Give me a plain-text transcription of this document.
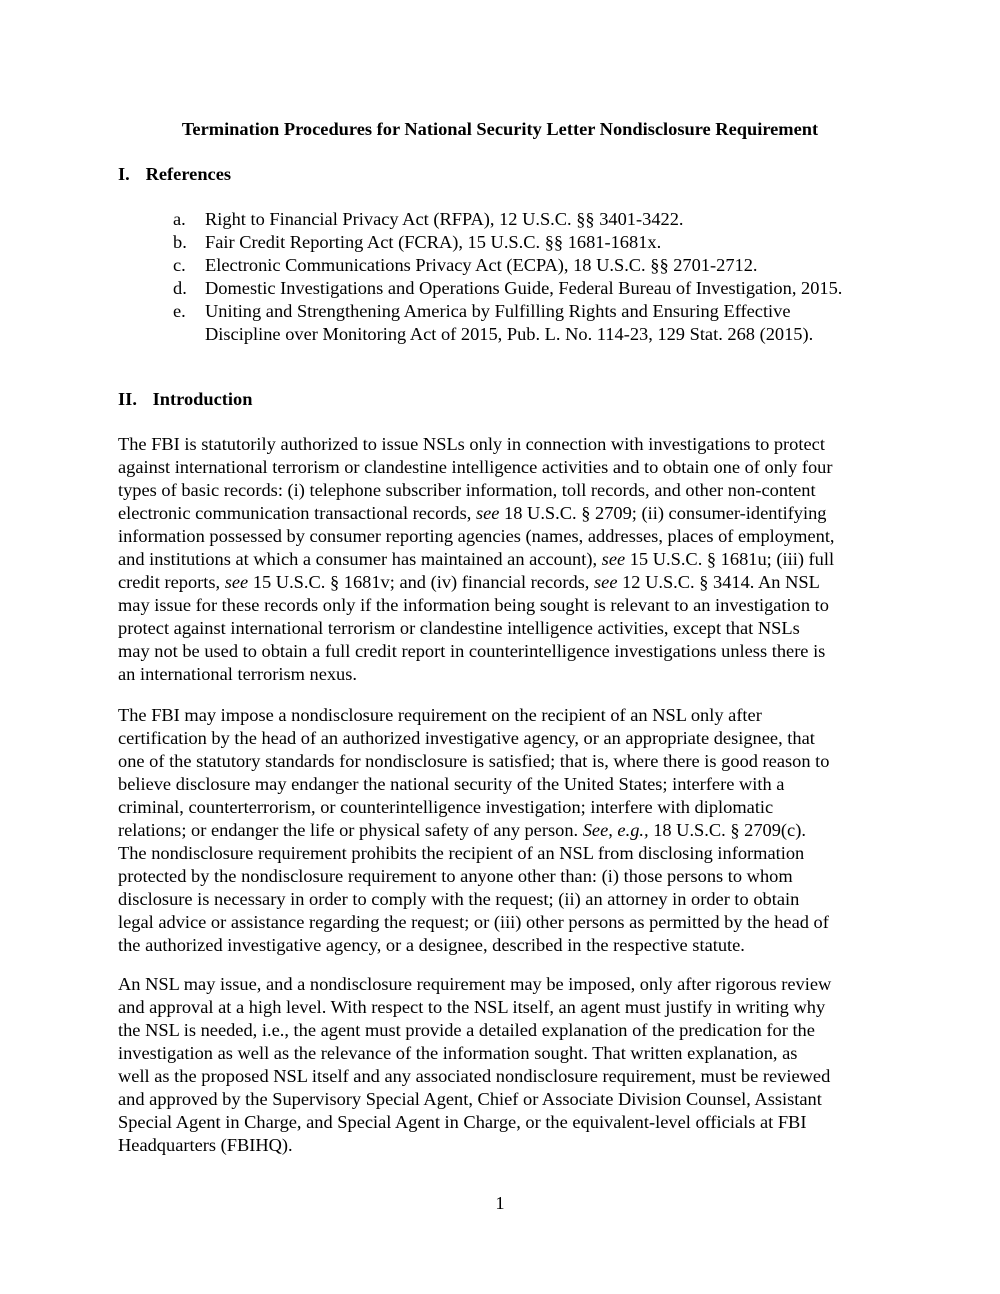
Termination Procedures for National Security Letter Nondisclosure Requirement
I. References
a. Right to Financial Privacy Act (RFPA), 12 U.S.C. §§ 3401-3422.
b. Fair Credit Reporting Act (FCRA), 15 U.S.C. §§ 1681-1681x.
c. Electronic Communications Privacy Act (ECPA), 18 U.S.C. §§ 2701-2712.
d. Domestic Investigations and Operations Guide, Federal Bureau of Investigation, 2015.
e. Uniting and Strengthening America by Fulfilling Rights and Ensuring Effective Discipline over Monitoring Act of 2015, Pub. L. No. 114-23, 129 Stat. 268 (2015).
II. Introduction

The FBI is statutorily authorized to issue NSLs only in connection with investigations to protect
against international terrorism or clandestine intelligence activities and to obtain one of only four
types of basic records: (i) telephone subscriber information, toll records, and other non-content
electronic communication transactional records, see 18 U.S.C. § 2709; (ii) consumer-identifying
information possessed by consumer reporting agencies (names, addresses, places of employment,
and institutions at which a consumer has maintained an account), see 15 U.S.C. § 1681u; (iii) full
credit reports, see 15 U.S.C. § 1681v; and (iv) financial records, see 12 U.S.C. § 3414. An NSL
may issue for these records only if the information being sought is relevant to an investigation to
protect against international terrorism or clandestine intelligence activities, except that NSLs
may not be used to obtain a full credit report in counterintelligence investigations unless there is
an international terrorism nexus.

The FBI may impose a nondisclosure requirement on the recipient of an NSL only after
certification by the head of an authorized investigative agency, or an appropriate designee, that
one of the statutory standards for nondisclosure is satisfied; that is, where there is good reason to
believe disclosure may endanger the national security of the United States; interfere with a
criminal, counterterrorism, or counterintelligence investigation; interfere with diplomatic
relations; or endanger the life or physical safety of any person. See, e.g., 18 U.S.C. § 2709(c).
The nondisclosure requirement prohibits the recipient of an NSL from disclosing information
protected by the nondisclosure requirement to anyone other than: (i) those persons to whom
disclosure is necessary in order to comply with the request; (ii) an attorney in order to obtain
legal advice or assistance regarding the request; or (iii) other persons as permitted by the head of
the authorized investigative agency, or a designee, described in the respective statute.

An NSL may issue, and a nondisclosure requirement may be imposed, only after rigorous review
and approval at a high level. With respect to the NSL itself, an agent must justify in writing why
the NSL is needed, i.e., the agent must provide a detailed explanation of the predication for the
investigation as well as the relevance of the information sought. That written explanation, as
well as the proposed NSL itself and any associated nondisclosure requirement, must be reviewed
and approved by the Supervisory Special Agent, Chief or Associate Division Counsel, Assistant
Special Agent in Charge, and Special Agent in Charge, or the equivalent-level officials at FBI
Headquarters (FBIHQ).

1
